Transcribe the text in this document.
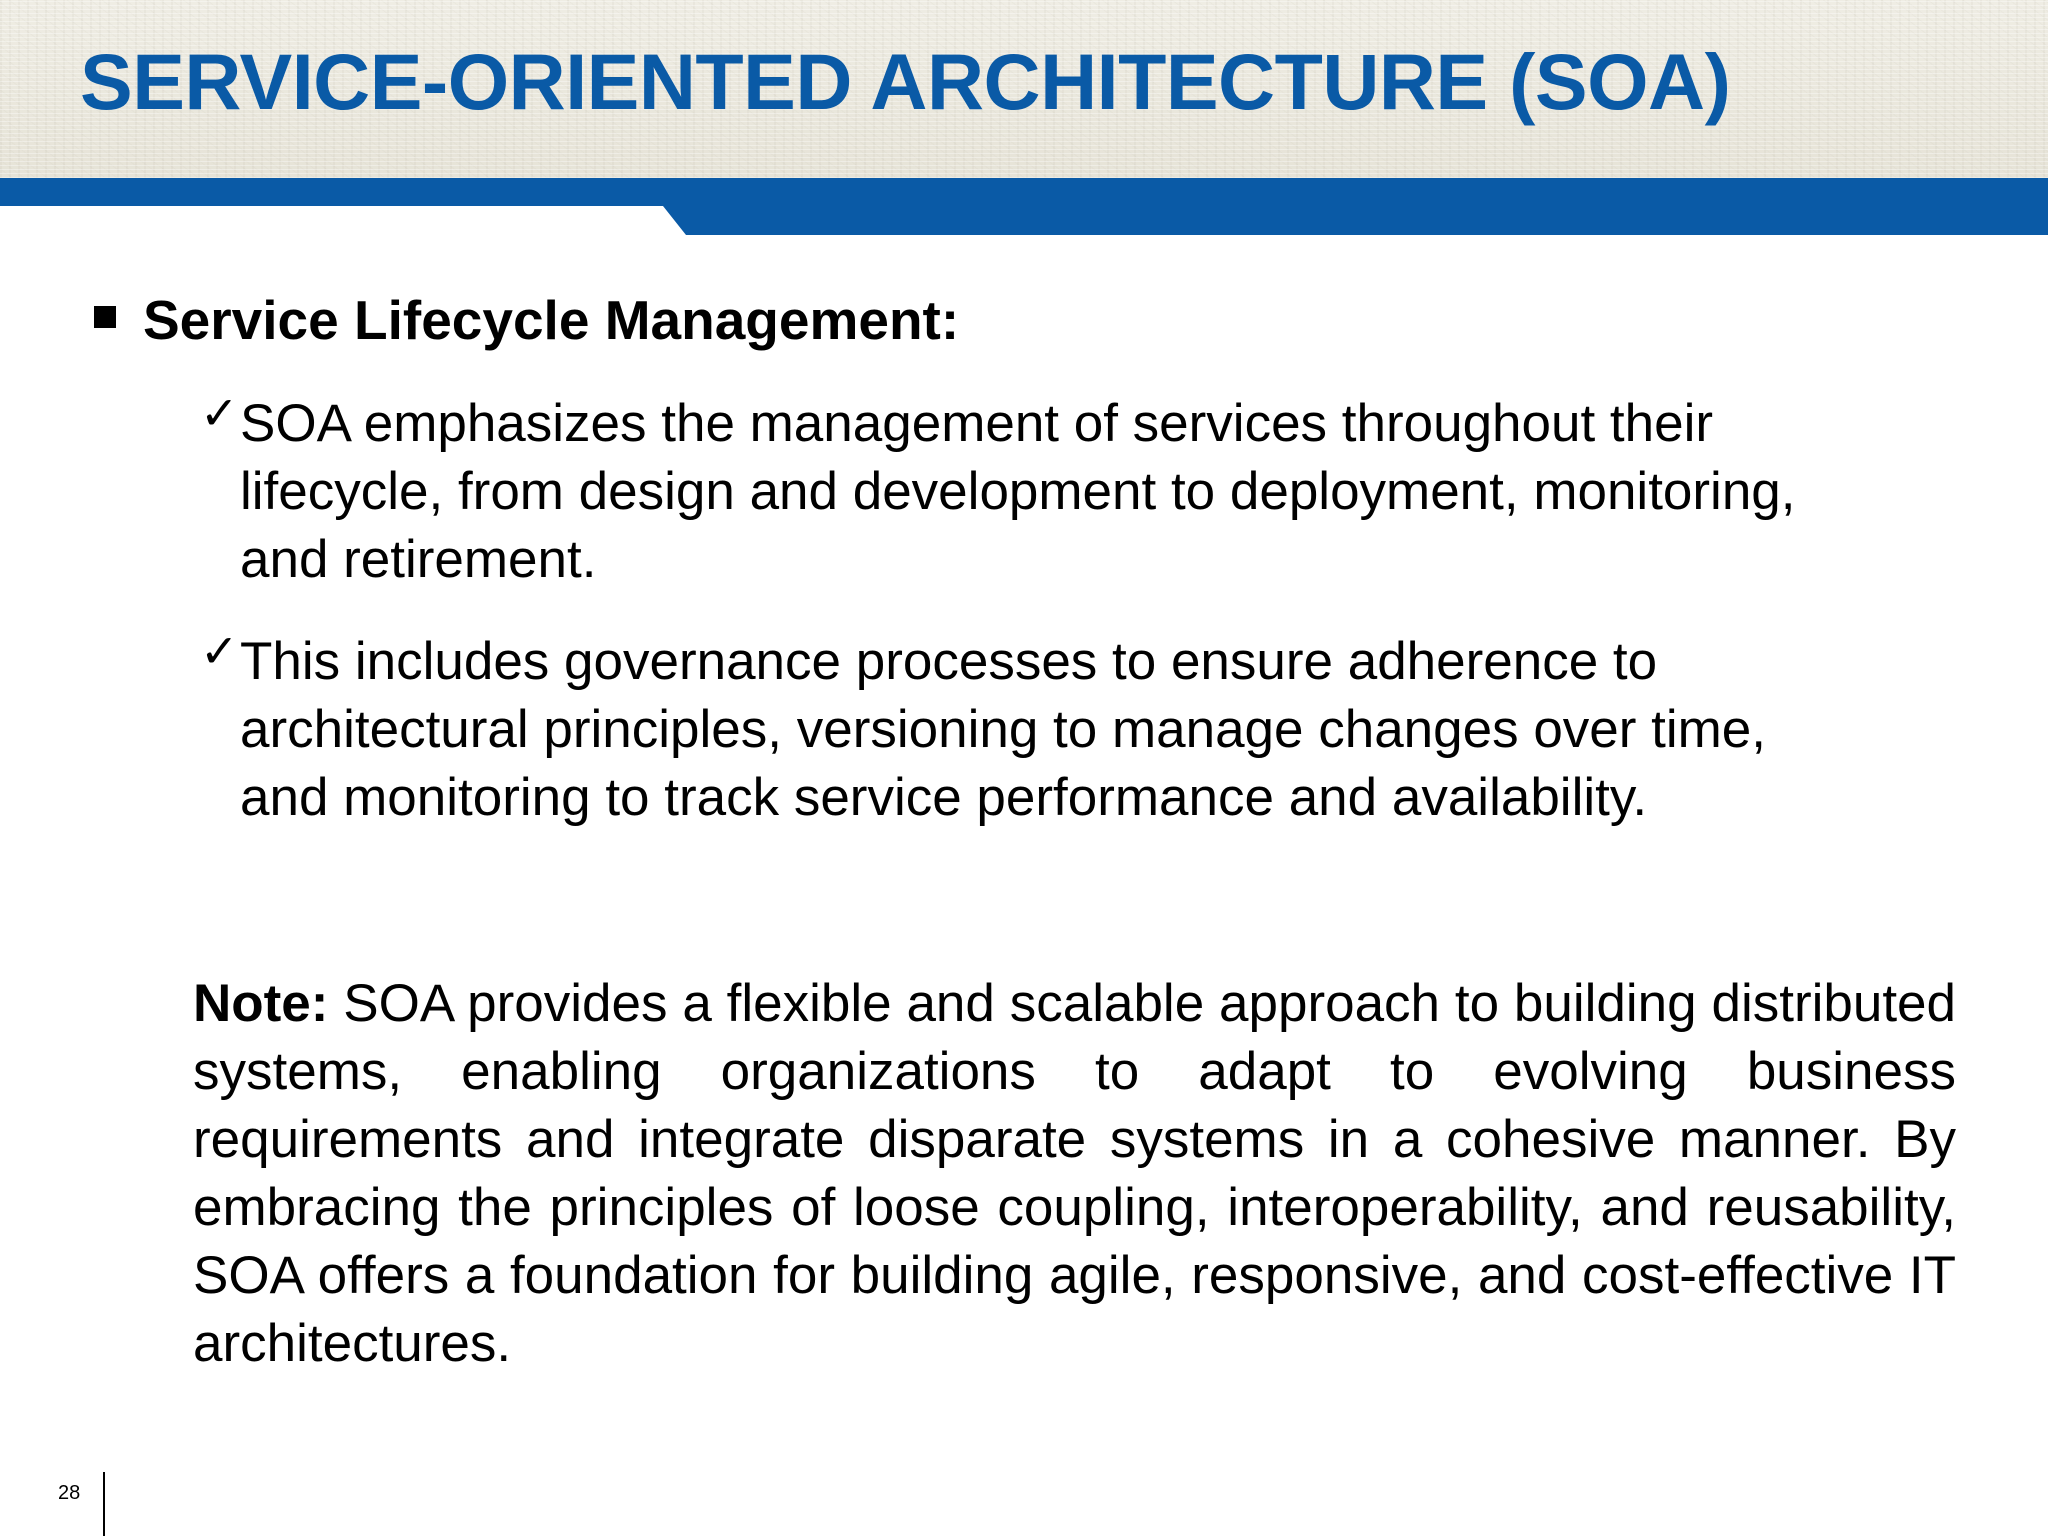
SERVICE-ORIENTED ARCHITECTURE (SOA)
Service Lifecycle Management:
✓ SOA emphasizes the management of services throughout their
lifecycle, from design and development to deployment, monitoring,
and retirement.
✓ This includes governance processes to ensure adherence to
architectural principles, versioning to manage changes over time,
and monitoring to track service performance and availability.

Note: SOA provides a flexible and scalable approach to building distributed systems, enabling organizations to adapt to evolving business requirements and integrate disparate systems in a cohesive manner. By embracing the principles of loose coupling, interoperability, and reusability, SOA offers a foundation for building agile, responsive, and cost-effective IT architectures.

28
